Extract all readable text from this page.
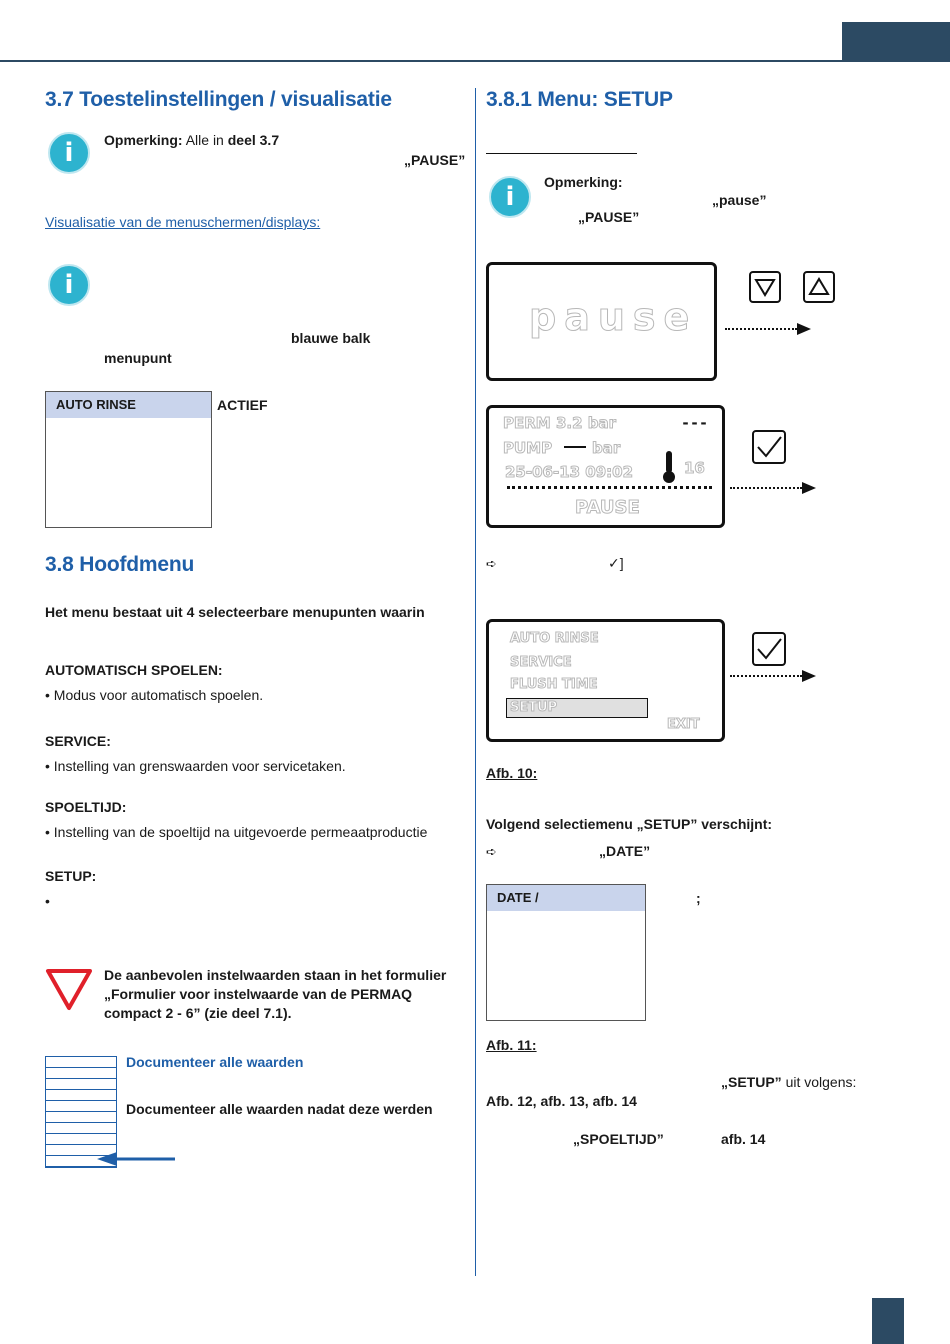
3.7 Toestelinstellingen / visualisatie
i	Opmerking: Alle in deel 3.7
„PAUSE”
Visualisatie van de menuschermen/displays:
i
blauwe balk
menupunt
AUTO RINSE	ACTIEF
3.8 Hoofdmenu
Het menu bestaat uit 4 selecteerbare menupunten waarin
AUTOMATISCH SPOELEN:
• Modus voor automatisch spoelen.
SERVICE:
• Instelling van grenswaarden voor servicetaken.
SPOELTIJD:
• Instelling van de spoeltijd na uitgevoerde permeaatproductie
SETUP:
•
De aanbevolen instelwaarden staan in het formulier „Formulier voor instelwaarde van de PERMAQ compact 2 - 6” (zie deel 7.1).
Documenteer alle waarden
Documenteer alle waarden nadat deze werden
3.8.1 Menu: SETUP
i	Opmerking:
„pause”
„PAUSE”
pause
PERM 3.2 bar	---
PUMP	bar
25-06-13 09:02	16
PAUSE
➪	✓]
AUTO RINSE
SERVICE
FLUSH TIME
SETUP
EXIT
Afb. 10:
Volgend selectiemenu „SETUP” verschijnt:
➪	„DATE”
DATE /	;
Afb. 11:
„SETUP” uit volgens:
Afb. 12, afb. 13, afb. 14
„SPOELTIJD”	afb. 14
